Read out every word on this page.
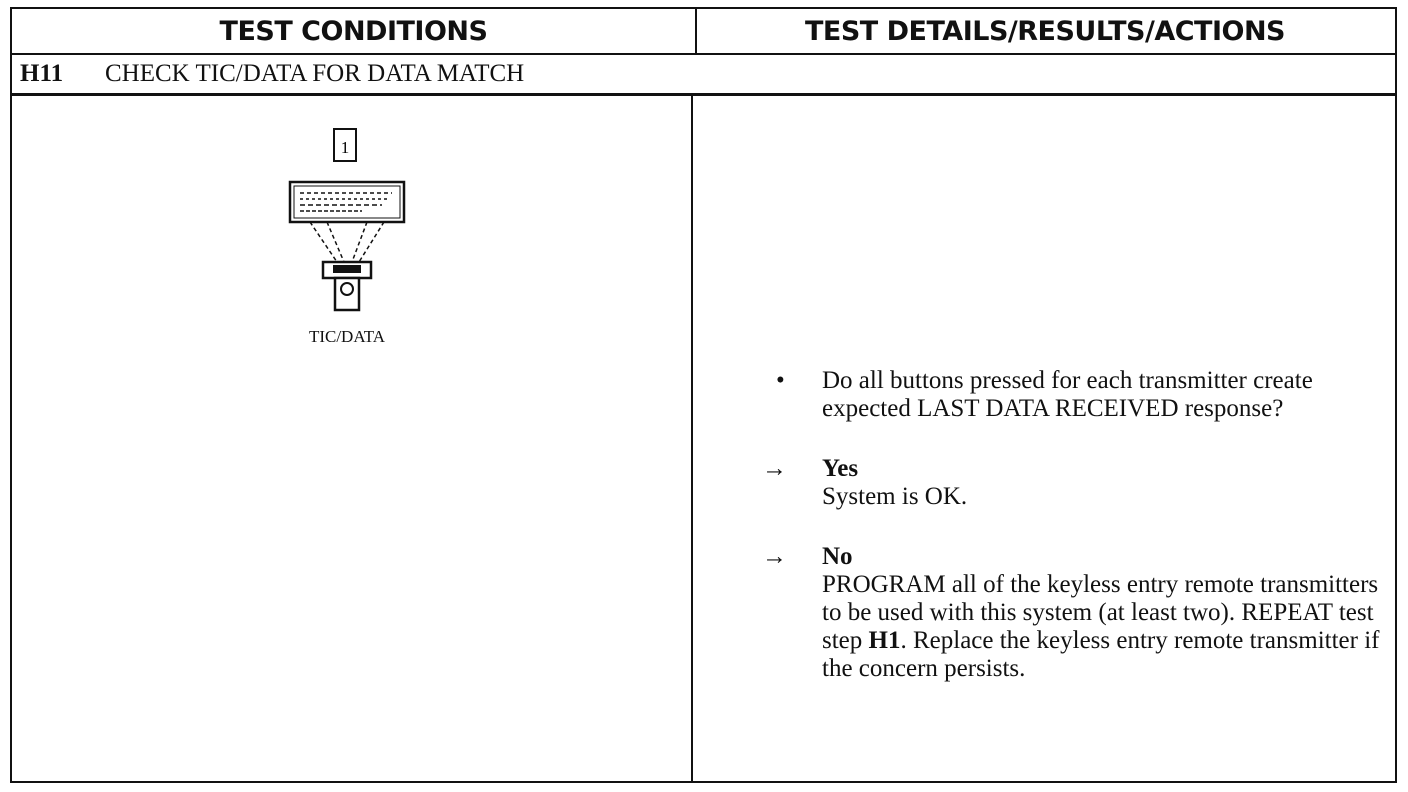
TEST CONDITIONS	TEST DETAILS/RESULTS/ACTIONS
H11	CHECK TIC/DATA FOR DATA MATCH
1
TIC/DATA
•	Do all buttons pressed for each transmitter create expected LAST DATA RECEIVED response?
→	Yes
System is OK.
→	No
PROGRAM all of the keyless entry remote transmitters to be used with this system (at least two). REPEAT test step H1. Replace the keyless entry remote transmitter if the concern persists.
